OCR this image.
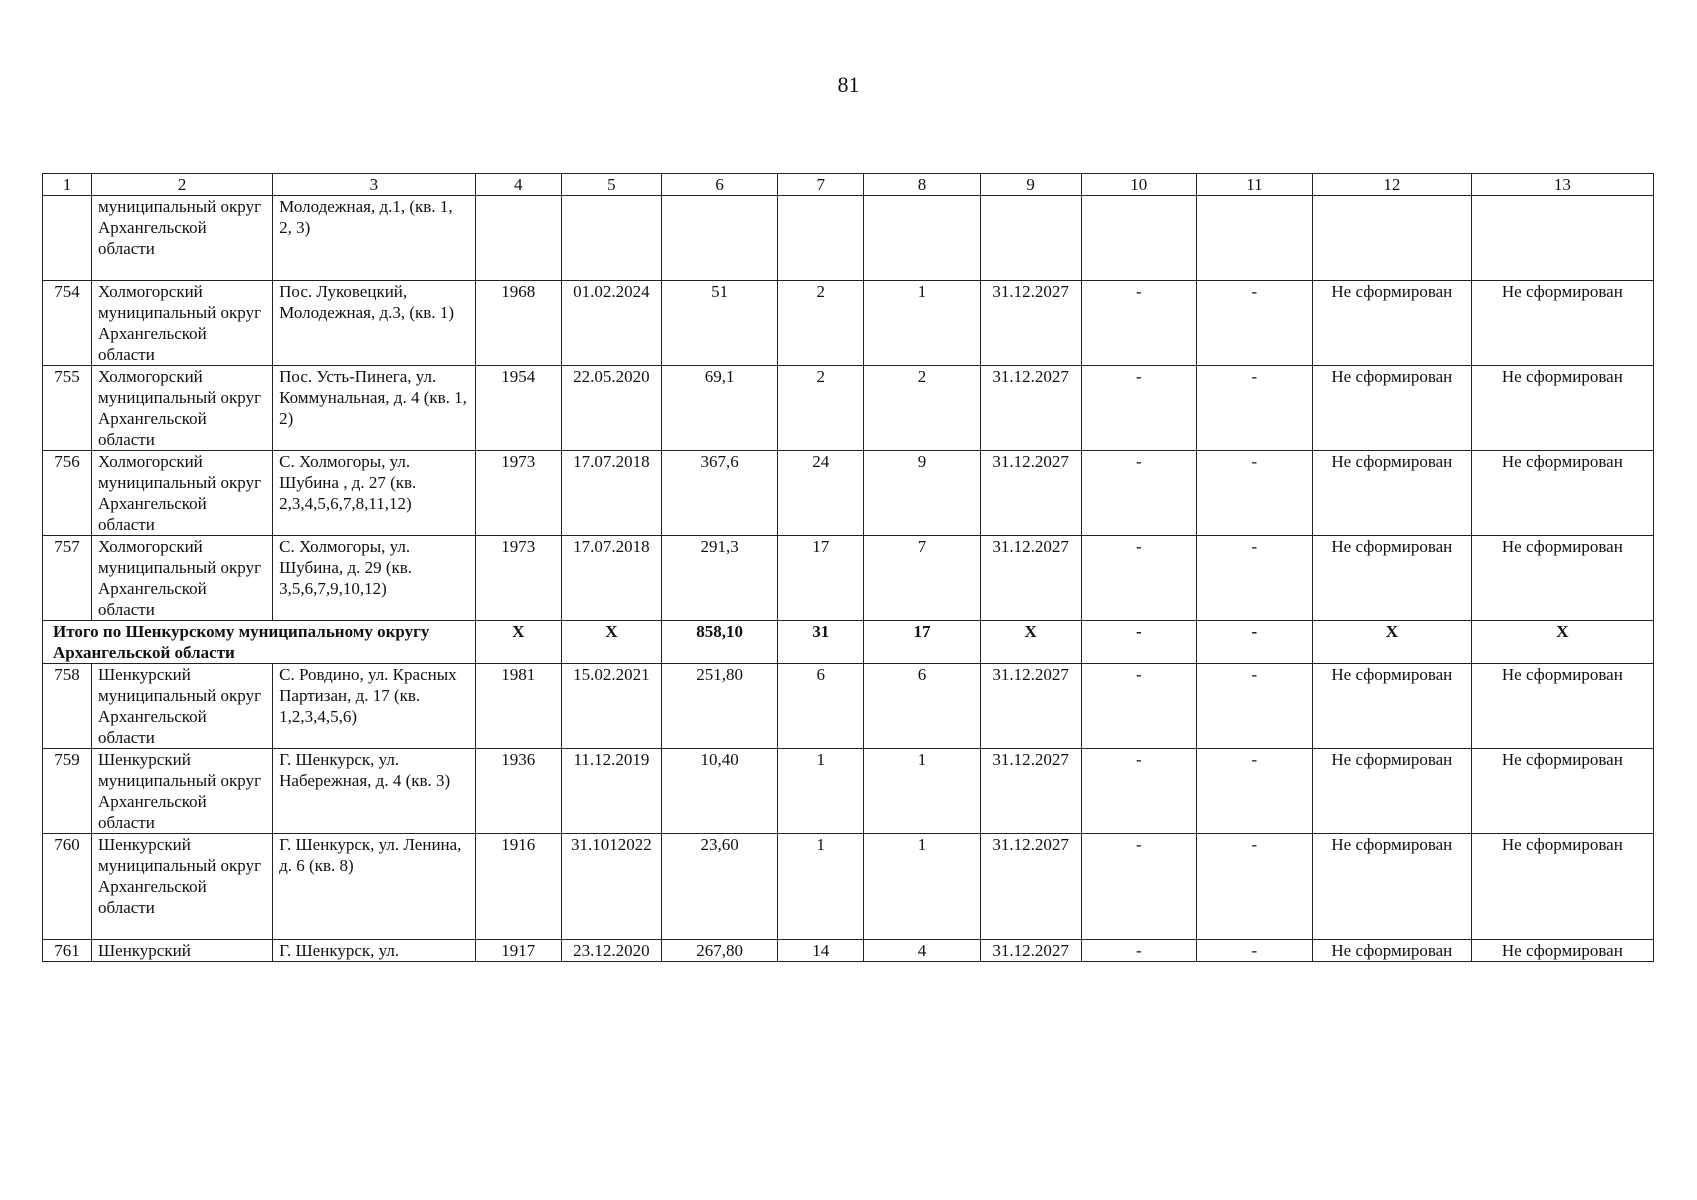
81
1	2	3	4	5	6	7	8	9	10	11	12	13
	муниципальный округ Архангельской области	Молодежная, д.1, (кв. 1, 2, 3)										
754	Холмогорский муниципальный округ Архангельской области	Пос. Луковецкий, Молодежная, д.3, (кв. 1)	1968	01.02.2024	51	2	1	31.12.2027	-	-	Не сформирован	Не сформирован
755	Холмогорский муниципальный округ Архангельской области	Пос. Усть-Пинега, ул. Коммунальная, д. 4 (кв. 1, 2)	1954	22.05.2020	69,1	2	2	31.12.2027	-	-	Не сформирован	Не сформирован
756	Холмогорский муниципальный округ Архангельской области	С. Холмогоры, ул. Шубина , д. 27 (кв. 2,3,4,5,6,7,8,11,12)	1973	17.07.2018	367,6	24	9	31.12.2027	-	-	Не сформирован	Не сформирован
757	Холмогорский муниципальный округ Архангельской области	С. Холмогоры, ул. Шубина, д. 29 (кв. 3,5,6,7,9,10,12)	1973	17.07.2018	291,3	17	7	31.12.2027	-	-	Не сформирован	Не сформирован
Итого по Шенкурскому муниципальному округу Архангельской области			X	X	858,10	31	17	X	-	-	X	X
758	Шенкурский муниципальный округ Архангельской области	С. Ровдино, ул. Красных Партизан, д. 17 (кв. 1,2,3,4,5,6)	1981	15.02.2021	251,80	6	6	31.12.2027	-	-	Не сформирован	Не сформирован
759	Шенкурский муниципальный округ Архангельской области	Г. Шенкурск, ул. Набережная, д. 4 (кв. 3)	1936	11.12.2019	10,40	1	1	31.12.2027	-	-	Не сформирован	Не сформирован
760	Шенкурский муниципальный округ Архангельской области	Г. Шенкурск, ул. Ленина, д. 6 (кв. 8)	1916	31.1012022	23,60	1	1	31.12.2027	-	-	Не сформирован	Не сформирован
761	Шенкурский	Г. Шенкурск, ул.	1917	23.12.2020	267,80	14	4	31.12.2027	-	-	Не сформирован	Не сформирован
